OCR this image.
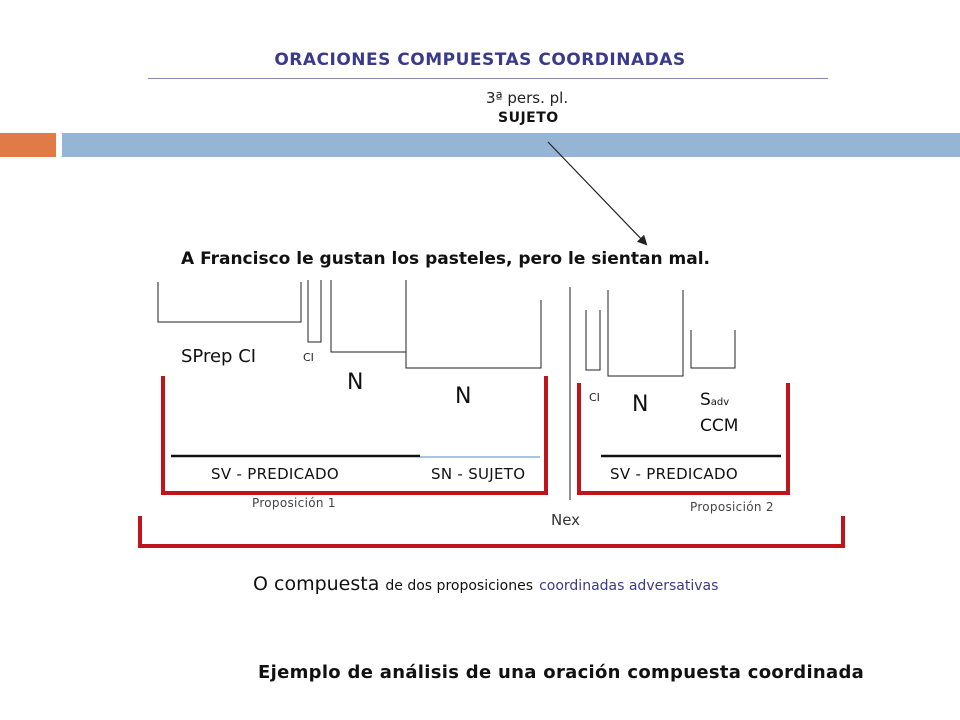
ORACIONES COMPUESTAS COORDINADAS
3ª pers. pl.
SUJETO
A Francisco le gustan los pasteles, pero le sientan mal.
SPrep CI	CI
N
N	CI N	Sadv
CCM
SV - PREDICADO	SN - SUJETO	SV - PREDICADO
Proposición 1	Proposición 2
Nex
O compuesta de dos proposiciones coordinadas adversativas
Ejemplo de análisis de una oración compuesta coordinada
